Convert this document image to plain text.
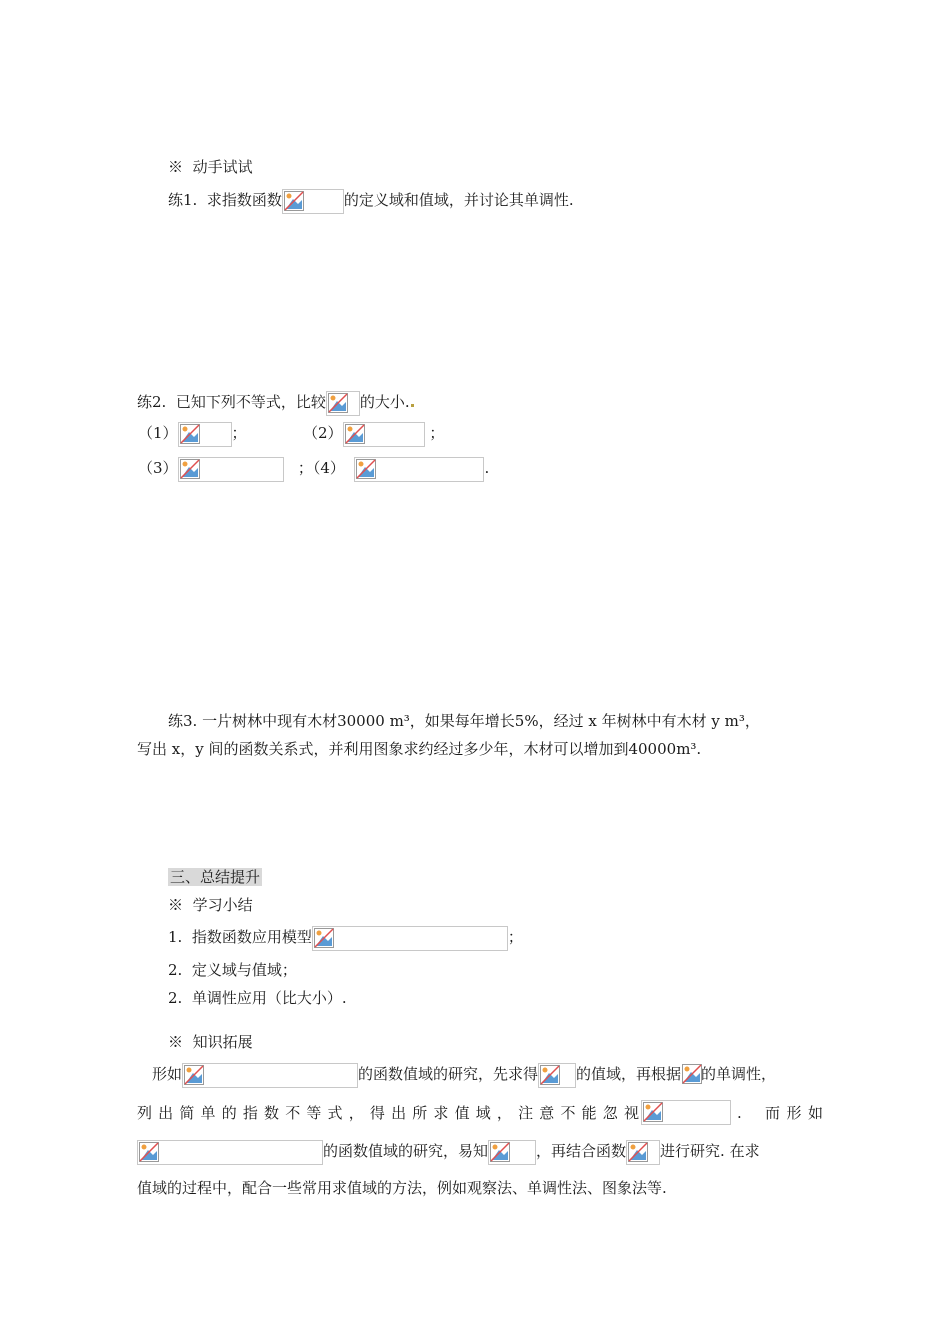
※ 动手试试
练1. 求指数函数	的定义域和值域，并讨论其单调性.
练2. 已知下列不等式，比较 的大小.
（1）	；	（2）	；
（3）	；（4）	.
练3. 一片树林中现有木材30000 m³，如果每年增长5%，经过 x 年树林中有木材 y m³，
写出 x，y 间的函数关系式，并利用图象求约经过多少年，木材可以增加到40000m³.
三、总结提升
※ 学习小结
1. 指数函数应用模型	；
2. 定义域与值域；
2. 单调性应用（比大小）.
※ 知识拓展
形如	的函数值域的研究，先求得	的值域，再根据 的单调性，
列 出 简 单 的 指 数 不 等 式 ， 得 出 所 求 值 域 ， 注 意 不 能 忽 视	.	而 形 如
的函数值域的研究，易知	，再结合函数 进行研究. 在求
值域的过程中，配合一些常用求值域的方法，例如观察法、单调性法、图象法等.
